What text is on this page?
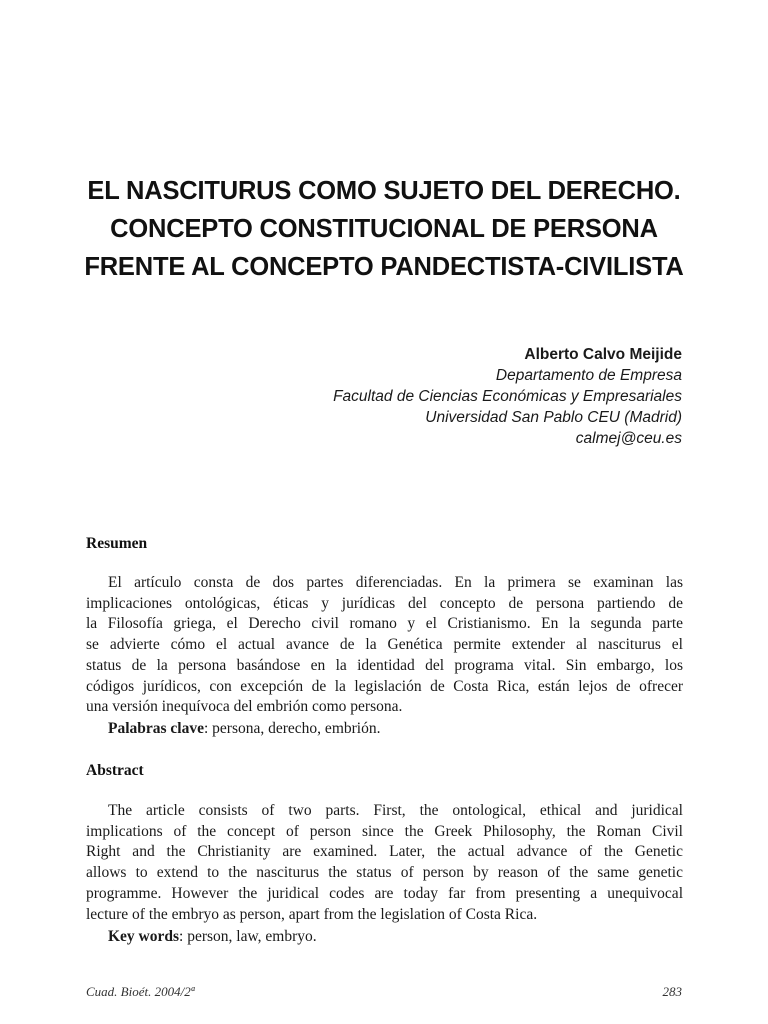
EL NASCITURUS COMO SUJETO DEL DERECHO.
CONCEPTO CONSTITUCIONAL DE PERSONA
FRENTE AL CONCEPTO PANDECTISTA-CIVILISTA
Alberto Calvo Meijide
Departamento de Empresa
Facultad de Ciencias Económicas y Empresariales
Universidad San Pablo CEU (Madrid)
calmej@ceu.es
Resumen
El artículo consta de dos partes diferenciadas. En la primera se examinan las
implicaciones ontológicas, éticas y jurídicas del concepto de persona partiendo de
la Filosofía griega, el Derecho civil romano y el Cristianismo. En la segunda parte
se advierte cómo el actual avance de la Genética permite extender al nasciturus el
status de la persona basándose en la identidad del programa vital. Sin embargo, los
códigos jurídicos, con excepción de la legislación de Costa Rica, están lejos de ofrecer
una versión inequívoca del embrión como persona.
Palabras clave: persona, derecho, embrión.
Abstract
The article consists of two parts. First, the ontological, ethical and juridical
implications of the concept of person since the Greek Philosophy, the Roman Civil
Right and the Christianity are examined. Later, the actual advance of the Genetic
allows to extend to the nasciturus the status of person by reason of the same genetic
programme. However the juridical codes are today far from presenting a unequivocal
lecture of the embryo as person, apart from the legislation of Costa Rica.
Key words: person, law, embryo.
Cuad. Bioét. 2004/2ª	283
